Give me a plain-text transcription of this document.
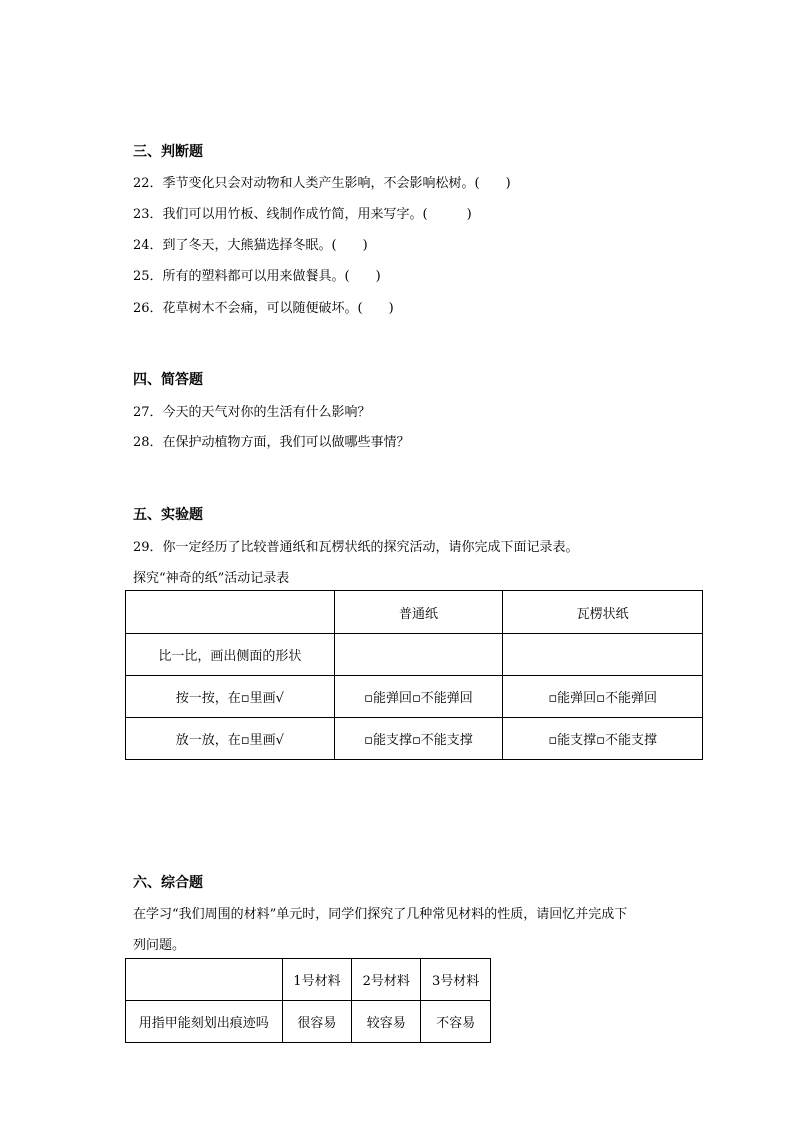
三、判断题
22．季节变化只会对动物和人类产生影响，不会影响松树。(　　)
23．我们可以用竹板、线制作成竹简，用来写字。(　　　)
24．到了冬天，大熊猫选择冬眠。(　　)
25．所有的塑料都可以用来做餐具。(　　)
26．花草树木不会痛，可以随便破坏。(　　)
四、简答题
27．今天的天气对你的生活有什么影响？
28．在保护动植物方面，我们可以做哪些事情？
五、实验题
29．你一定经历了比较普通纸和瓦楞状纸的探究活动，请你完成下面记录表。
探究“神奇的纸”活动记录表
	普通纸	瓦楞状纸
比一比，画出侧面的形状		
按一按，在▫里画√	▫能弹回▫不能弹回	▫能弹回▫不能弹回
放一放，在▫里画√	▫能支撑▫不能支撑	▫能支撑▫不能支撑
六、综合题
在学习“我们周围的材料”单元时，同学们探究了几种常见材料的性质，请回忆并完成下
列问题。
	1号材料	2号材料	3号材料
用指甲能刻划出痕迹吗	很容易	较容易	不容易
